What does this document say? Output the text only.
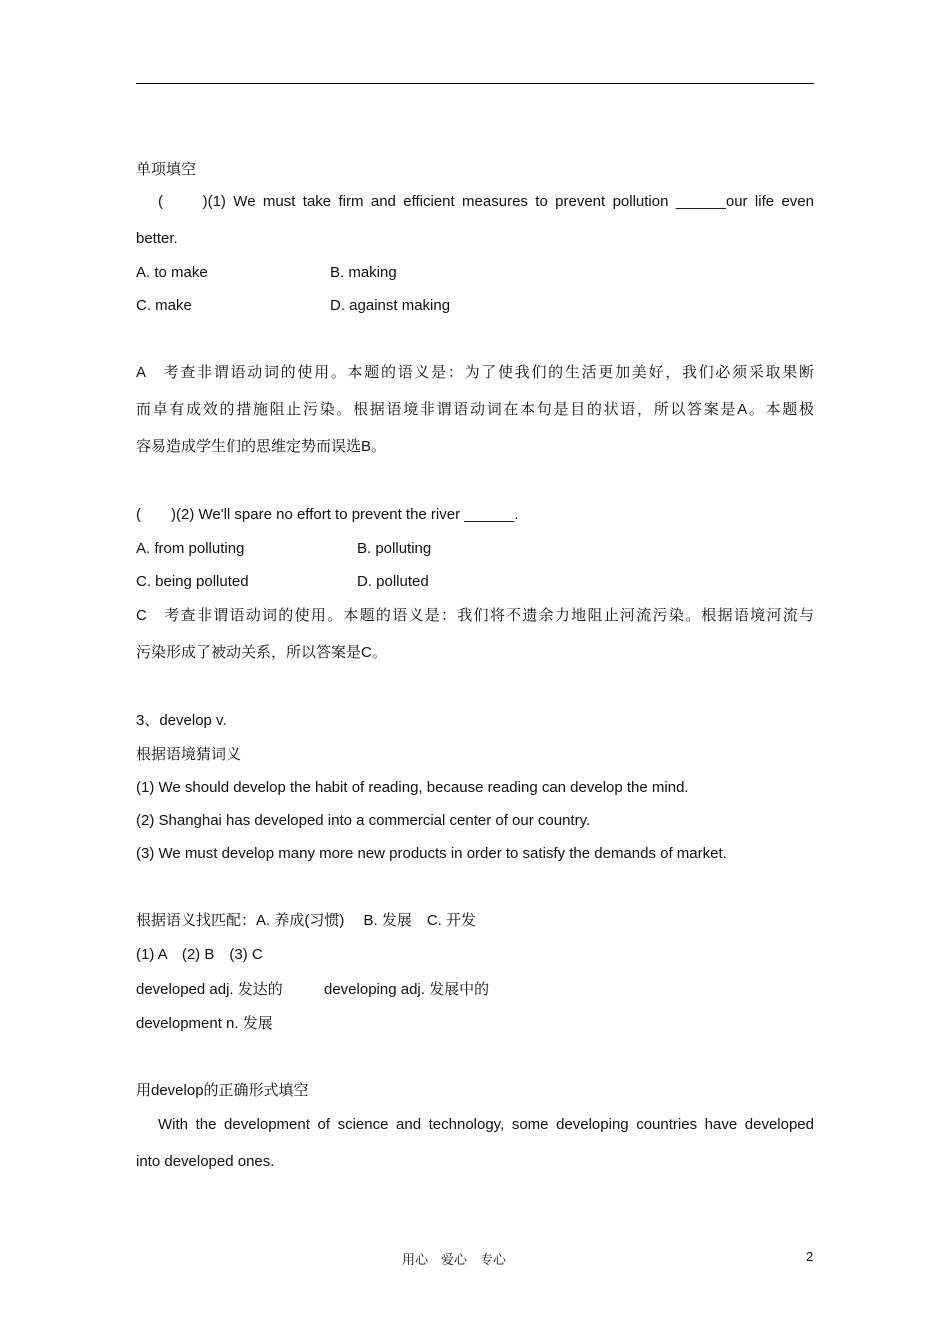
单项填空
(　　)(1) We must take firm and efficient measures to prevent pollution ______our life even
better.
A. to make	B. making
C. make	D. against making
A　考查非谓语动词的使用。本题的语义是：为了使我们的生活更加美好，我们必须采取果断
而卓有成效的措施阻止污染。根据语境非谓语动词在本句是目的状语，所以答案是A。本题极
容易造成学生们的思维定势而误选B。
(　　)(2) We'll spare no effort to prevent the river ______.
A. from polluting	B. polluting
C. being polluted	D. polluted
C　考查非谓语动词的使用。本题的语义是：我们将不遗余力地阻止河流污染。根据语境河流与
污染形成了被动关系，所以答案是C。
3、develop v.
根据语境猜词义
(1) We should develop the habit of reading, because reading can develop the mind.
(2) Shanghai has developed into a commercial center of our country.
(3) We must develop many more new products in order to satisfy the demands of market.
根据语义找匹配：A. 养成(习惯)　 B. 发展　C. 开发
(1) A　(2) B　(3) C
developed adj. 发达的	developing adj. 发展中的
development n. 发展
用develop的正确形式填空
With the development of science and technology, some developing countries have developed
into developed ones.
用心　爱心　专心	2
